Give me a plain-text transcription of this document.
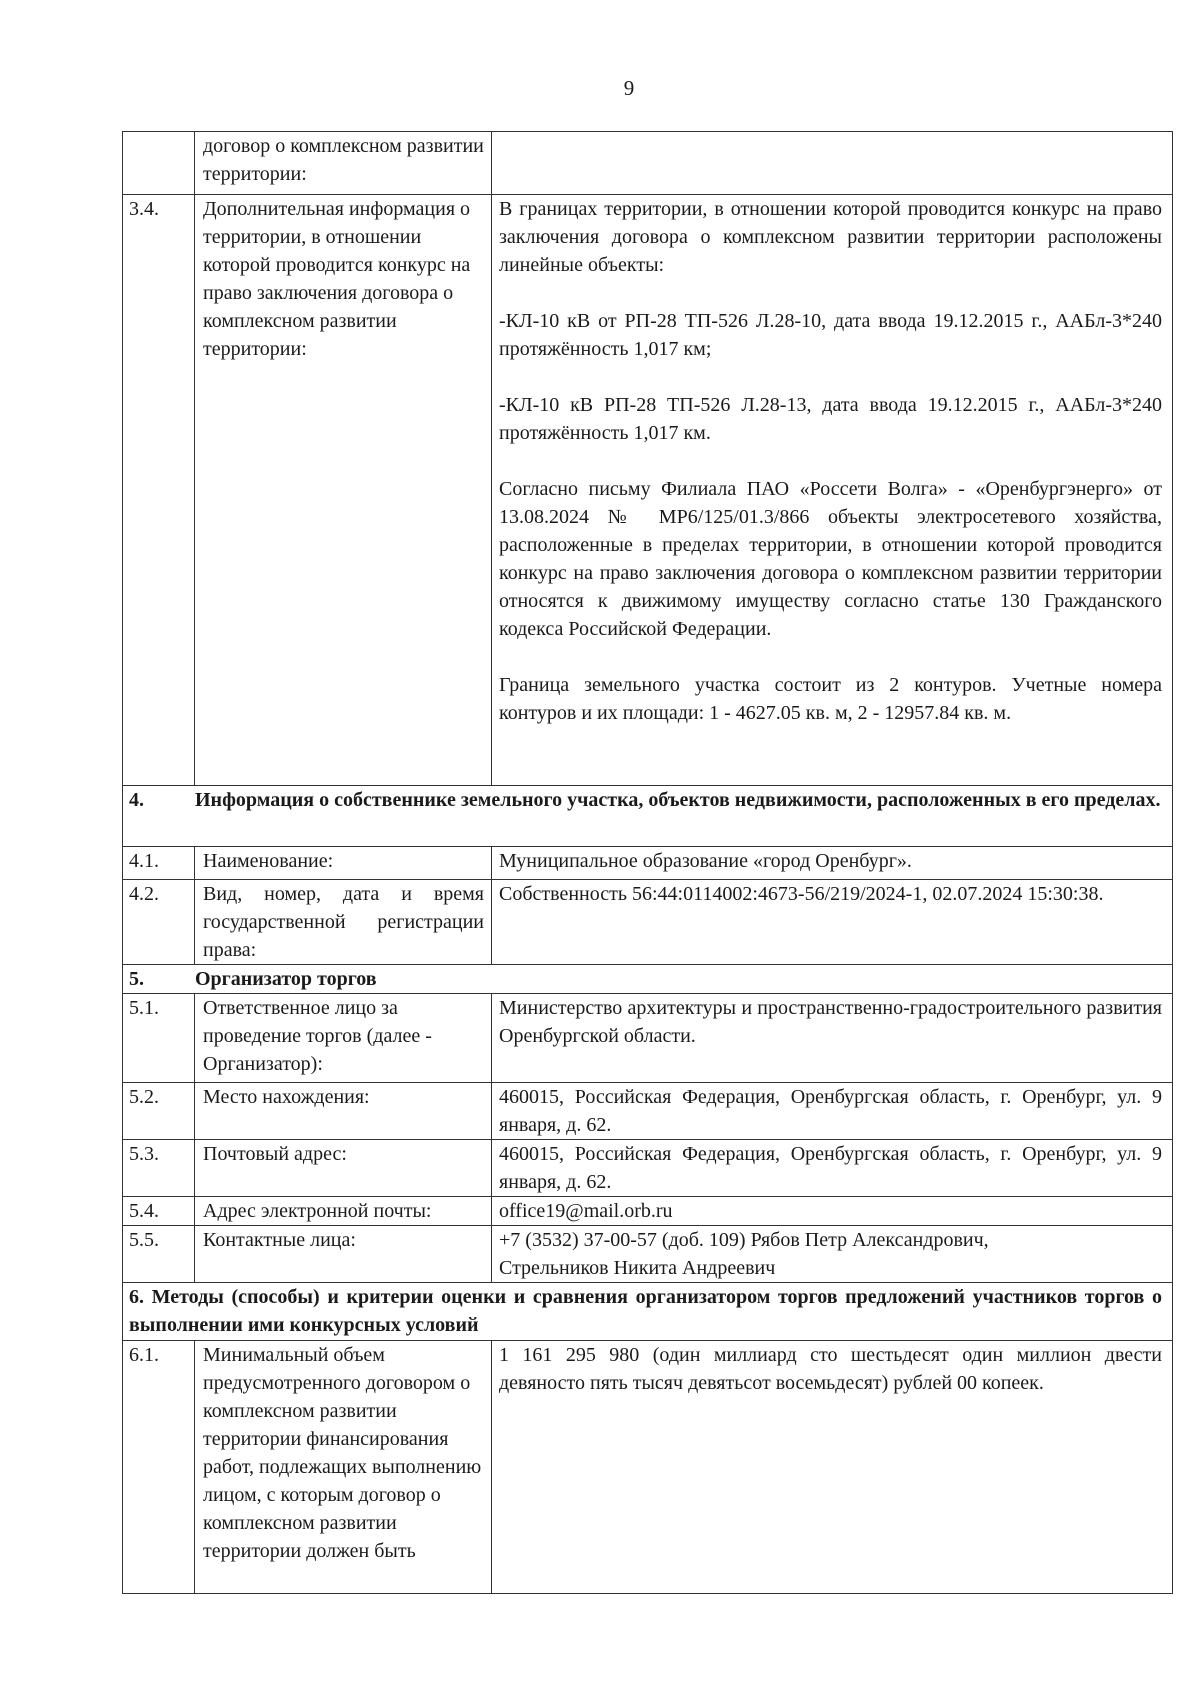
9
	договор о комплексном развитии территории:	
3.4.	Дополнительная информация о территории, в отношении которой проводится конкурс на право заключения договора о комплексном развитии территории:	В границах территории, в отношении которой проводится конкурс на право заключения договора о комплексном развитии территории расположены линейные объекты:

-КЛ-10 кВ от РП-28 ТП-526 Л.28-10, дата ввода 19.12.2015 г., ААБл-3*240 протяжённость 1,017 км;

-КЛ-10 кВ РП-28 ТП-526 Л.28-13, дата ввода 19.12.2015 г., ААБл-3*240 протяжённость 1,017 км.

Согласно письму Филиала ПАО «Россети Волга» - «Оренбургэнерго» от 13.08.2024 № МР6/125/01.3/866 объекты электросетевого хозяйства, расположенные в пределах территории, в отношении которой проводится конкурс на право заключения договора о комплексном развитии территории относятся к движимому имуществу согласно статье 130 Гражданского кодекса Российской Федерации.

Граница земельного участка состоит из 2 контуров. Учетные номера контуров и их площади: 1 - 4627.05 кв. м, 2 - 12957.84 кв. м.

4. Информация о собственнике земельного участка, объектов недвижимости, расположенных в его пределах.		
4.1.	Наименование:	Муниципальное образование «город Оренбург».
4.2.	Вид, номер, дата и время государственной регистрации права:	Собственность 56:44:0114002:4673-56/219/2024-1, 02.07.2024 15:30:38.
5. Организатор торгов		
5.1.	Ответственное лицо за проведение торгов (далее - Организатор):	Министерство архитектуры и пространственно-градостроительного развития Оренбургской области.
5.2.	Место нахождения:	460015, Российская Федерация, Оренбургская область, г. Оренбург, ул. 9 января, д. 62.
5.3.	Почтовый адрес:	460015, Российская Федерация, Оренбургская область, г. Оренбург, ул. 9 января, д. 62.
5.4.	Адрес электронной почты:	office19@mail.orb.ru
5.5.	Контактные лица:	+7 (3532) 37-00-57 (доб. 109) Рябов Петр Александрович,
Стрельников Никита Андреевич

6. Методы (способы) и критерии оценки и сравнения организатором торгов предложений участников торгов о выполнении ими конкурсных условий		
6.1.	Минимальный объем предусмотренного договором о комплексном развитии территории финансирования работ, подлежащих выполнению лицом, с которым договор о комплексном развитии территории должен быть	1 161 295 980 (один миллиард сто шестьдесят один миллион двести девяносто пять тысяч девятьсот восемьдесят) рублей 00 копеек.
